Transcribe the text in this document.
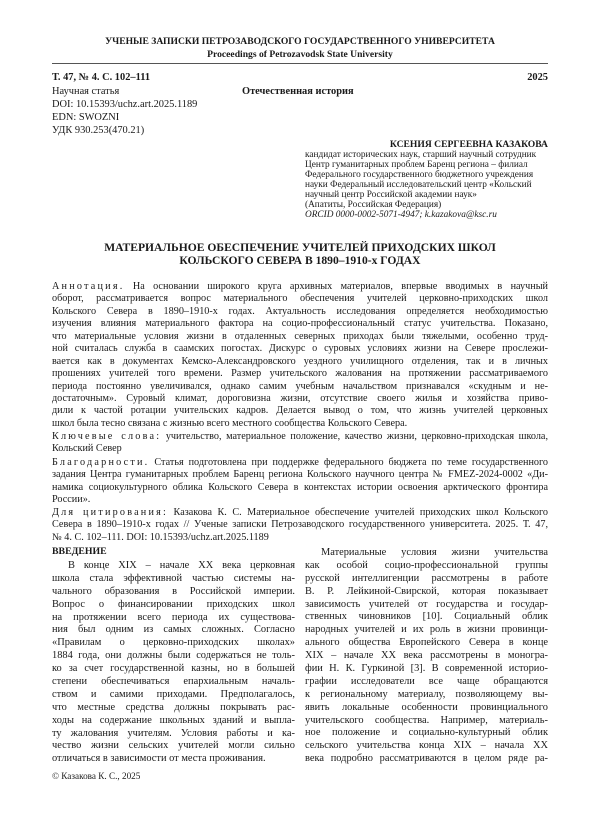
УЧЕНЫЕ ЗАПИСКИ ПЕТРОЗАВОДСКОГО ГОСУДАРСТВЕННОГО УНИВЕРСИТЕТА
Proceedings of Petrozavodsk State University
Т. 47, № 4. С. 102–111	2025
Научная статья	Отечественная история
DOI: 10.15393/uchz.art.2025.1189
EDN: SWOZNI
УДК 930.253(470.21)
КСЕНИЯ СЕРГЕЕВНА КАЗАКОВА
кандидат исторических наук, старший научный сотрудник
Центр гуманитарных проблем Баренц региона – филиал
Федерального государственного бюджетного учреждения
науки Федеральный исследовательский центр «Кольский
научный центр Российской академии наук»
(Апатиты, Российская Федерация)
ORCID 0000-0002-5071-4947; k.kazakova@ksc.ru
МАТЕРИАЛЬНОЕ ОБЕСПЕЧЕНИЕ УЧИТЕЛЕЙ ПРИХОДСКИХ ШКОЛ
КОЛЬСКОГО СЕВЕРА В 1890–1910-х ГОДАХ
Аннотация. На основании широкого круга архивных материалов, впервые вводимых в научный
оборот, рассматривается вопрос материального обеспечения учителей церковно-приходских школ
Кольского Севера в 1890–1910-х годах. Актуальность исследования определяется необходимостью
изучения влияния материального фактора на социо-профессиональный статус учительства. Показано,
что материальные условия жизни в отдаленных северных приходах были тяжелыми, особенно труд-
ной считалась служба в саамских погостах. Дискурс о суровых условиях жизни на Севере прослежи-
вается как в документах Кемско-Александровского уездного училищного отделения, так и в личных
прошениях учителей того времени. Размер учительского жалования на протяжении рассматриваемого
периода постоянно увеличивался, однако самим учебным начальством признавался «скудным и не-
достаточным». Суровый климат, дороговизна жизни, отсутствие своего жилья и хозяйства приво-
дили к частой ротации учительских кадров. Делается вывод о том, что жизнь учителей церковных
школ была тесно связана с жизнью всего местного сообщества Кольского Севера.
Ключевые слова: учительство, материальное положение, качество жизни, церковно-приходская школа,
Кольский Север
Благодарности. Статья подготовлена при поддержке федерального бюджета по теме государственного
задания Центра гуманитарных проблем Баренц региона Кольского научного центра № FMEZ-2024-0002 «Ди-
намика социокультурного облика Кольского Севера в контекстах истории освоения арктического фронтира
России».
Для цитирования: Казакова К. С. Материальное обеспечение учителей приходских школ Кольского
Севера в 1890–1910-х годах // Ученые записки Петрозаводского государственного университета. 2025. Т. 47,
№ 4. С. 102–111. DOI: 10.15393/uchz.art.2025.1189
ВВЕДЕНИЕ
В конце XIX – начале XX века церковная
школа стала эффективной частью системы на-
чального образования в Российской империи.
Вопрос о финансировании приходских школ
на протяжении всего периода их существова-
ния был одним из самых сложных. Согласно
«Правилам о церковно-приходских школах»
1884 года, они должны были содержаться не толь-
ко за счет государственной казны, но в большей
степени обеспечиваться епархиальным началь-
ством и самими приходами. Предполагалось,
что местные средства должны покрывать рас-
ходы на содержание школьных зданий и выпла-
ту жалования учителям. Условия работы и ка-
чество жизни сельских учителей могли сильно
отличаться в зависимости от места проживания.
Материальные условия жизни учительства
как особой социо-профессиональной группы
русской интеллигенции рассмотрены в работе
В. Р. Лейкиной-Свирской, которая показывает
зависимость учителей от государства и государ-
ственных чиновников [10]. Социальный облик
народных учителей и их роль в жизни провинци-
ального общества Европейского Севера в конце
XIX – начале XX века рассмотрены в моногра-
фии Н. К. Гуркиной [3]. В современной историо-
графии исследователи все чаще обращаются
к региональному материалу, позволяющему вы-
явить локальные особенности провинциального
учительского сообщества. Например, материаль-
ное положение и социально-культурный облик
сельского учительства конца XIX – начала XX
века подробно рассматриваются в целом ряде ра-
© Казакова К. С., 2025
